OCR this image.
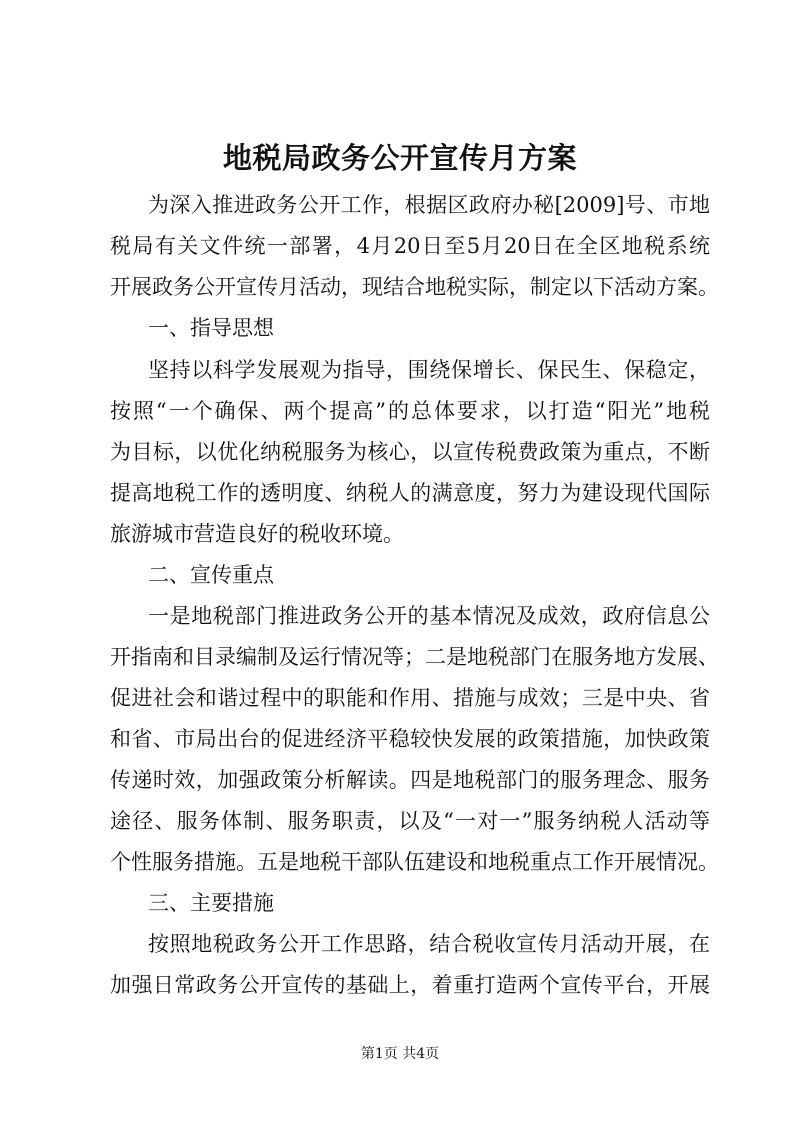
地税局政务公开宣传月方案
为深入推进政务公开工作，根据区政府办秘[2009]号、市地
税局有关文件统一部署，4月20日至5月20日在全区地税系统
开展政务公开宣传月活动，现结合地税实际，制定以下活动方案。
一、指导思想
坚持以科学发展观为指导，围绕保增长、保民生、保稳定，
按照“一个确保、两个提高”的总体要求，以打造“阳光”地税
为目标，以优化纳税服务为核心，以宣传税费政策为重点，不断
提高地税工作的透明度、纳税人的满意度，努力为建设现代国际
旅游城市营造良好的税收环境。
二、宣传重点
一是地税部门推进政务公开的基本情况及成效，政府信息公
开指南和目录编制及运行情况等；二是地税部门在服务地方发展、
促进社会和谐过程中的职能和作用、措施与成效；三是中央、省
和省、市局出台的促进经济平稳较快发展的政策措施，加快政策
传递时效，加强政策分析解读。四是地税部门的服务理念、服务
途径、服务体制、服务职责，以及“一对一”服务纳税人活动等
个性服务措施。五是地税干部队伍建设和地税重点工作开展情况。
三、主要措施
按照地税政务公开工作思路，结合税收宣传月活动开展，在
加强日常政务公开宣传的基础上，着重打造两个宣传平台，开展
第1页 共4页
